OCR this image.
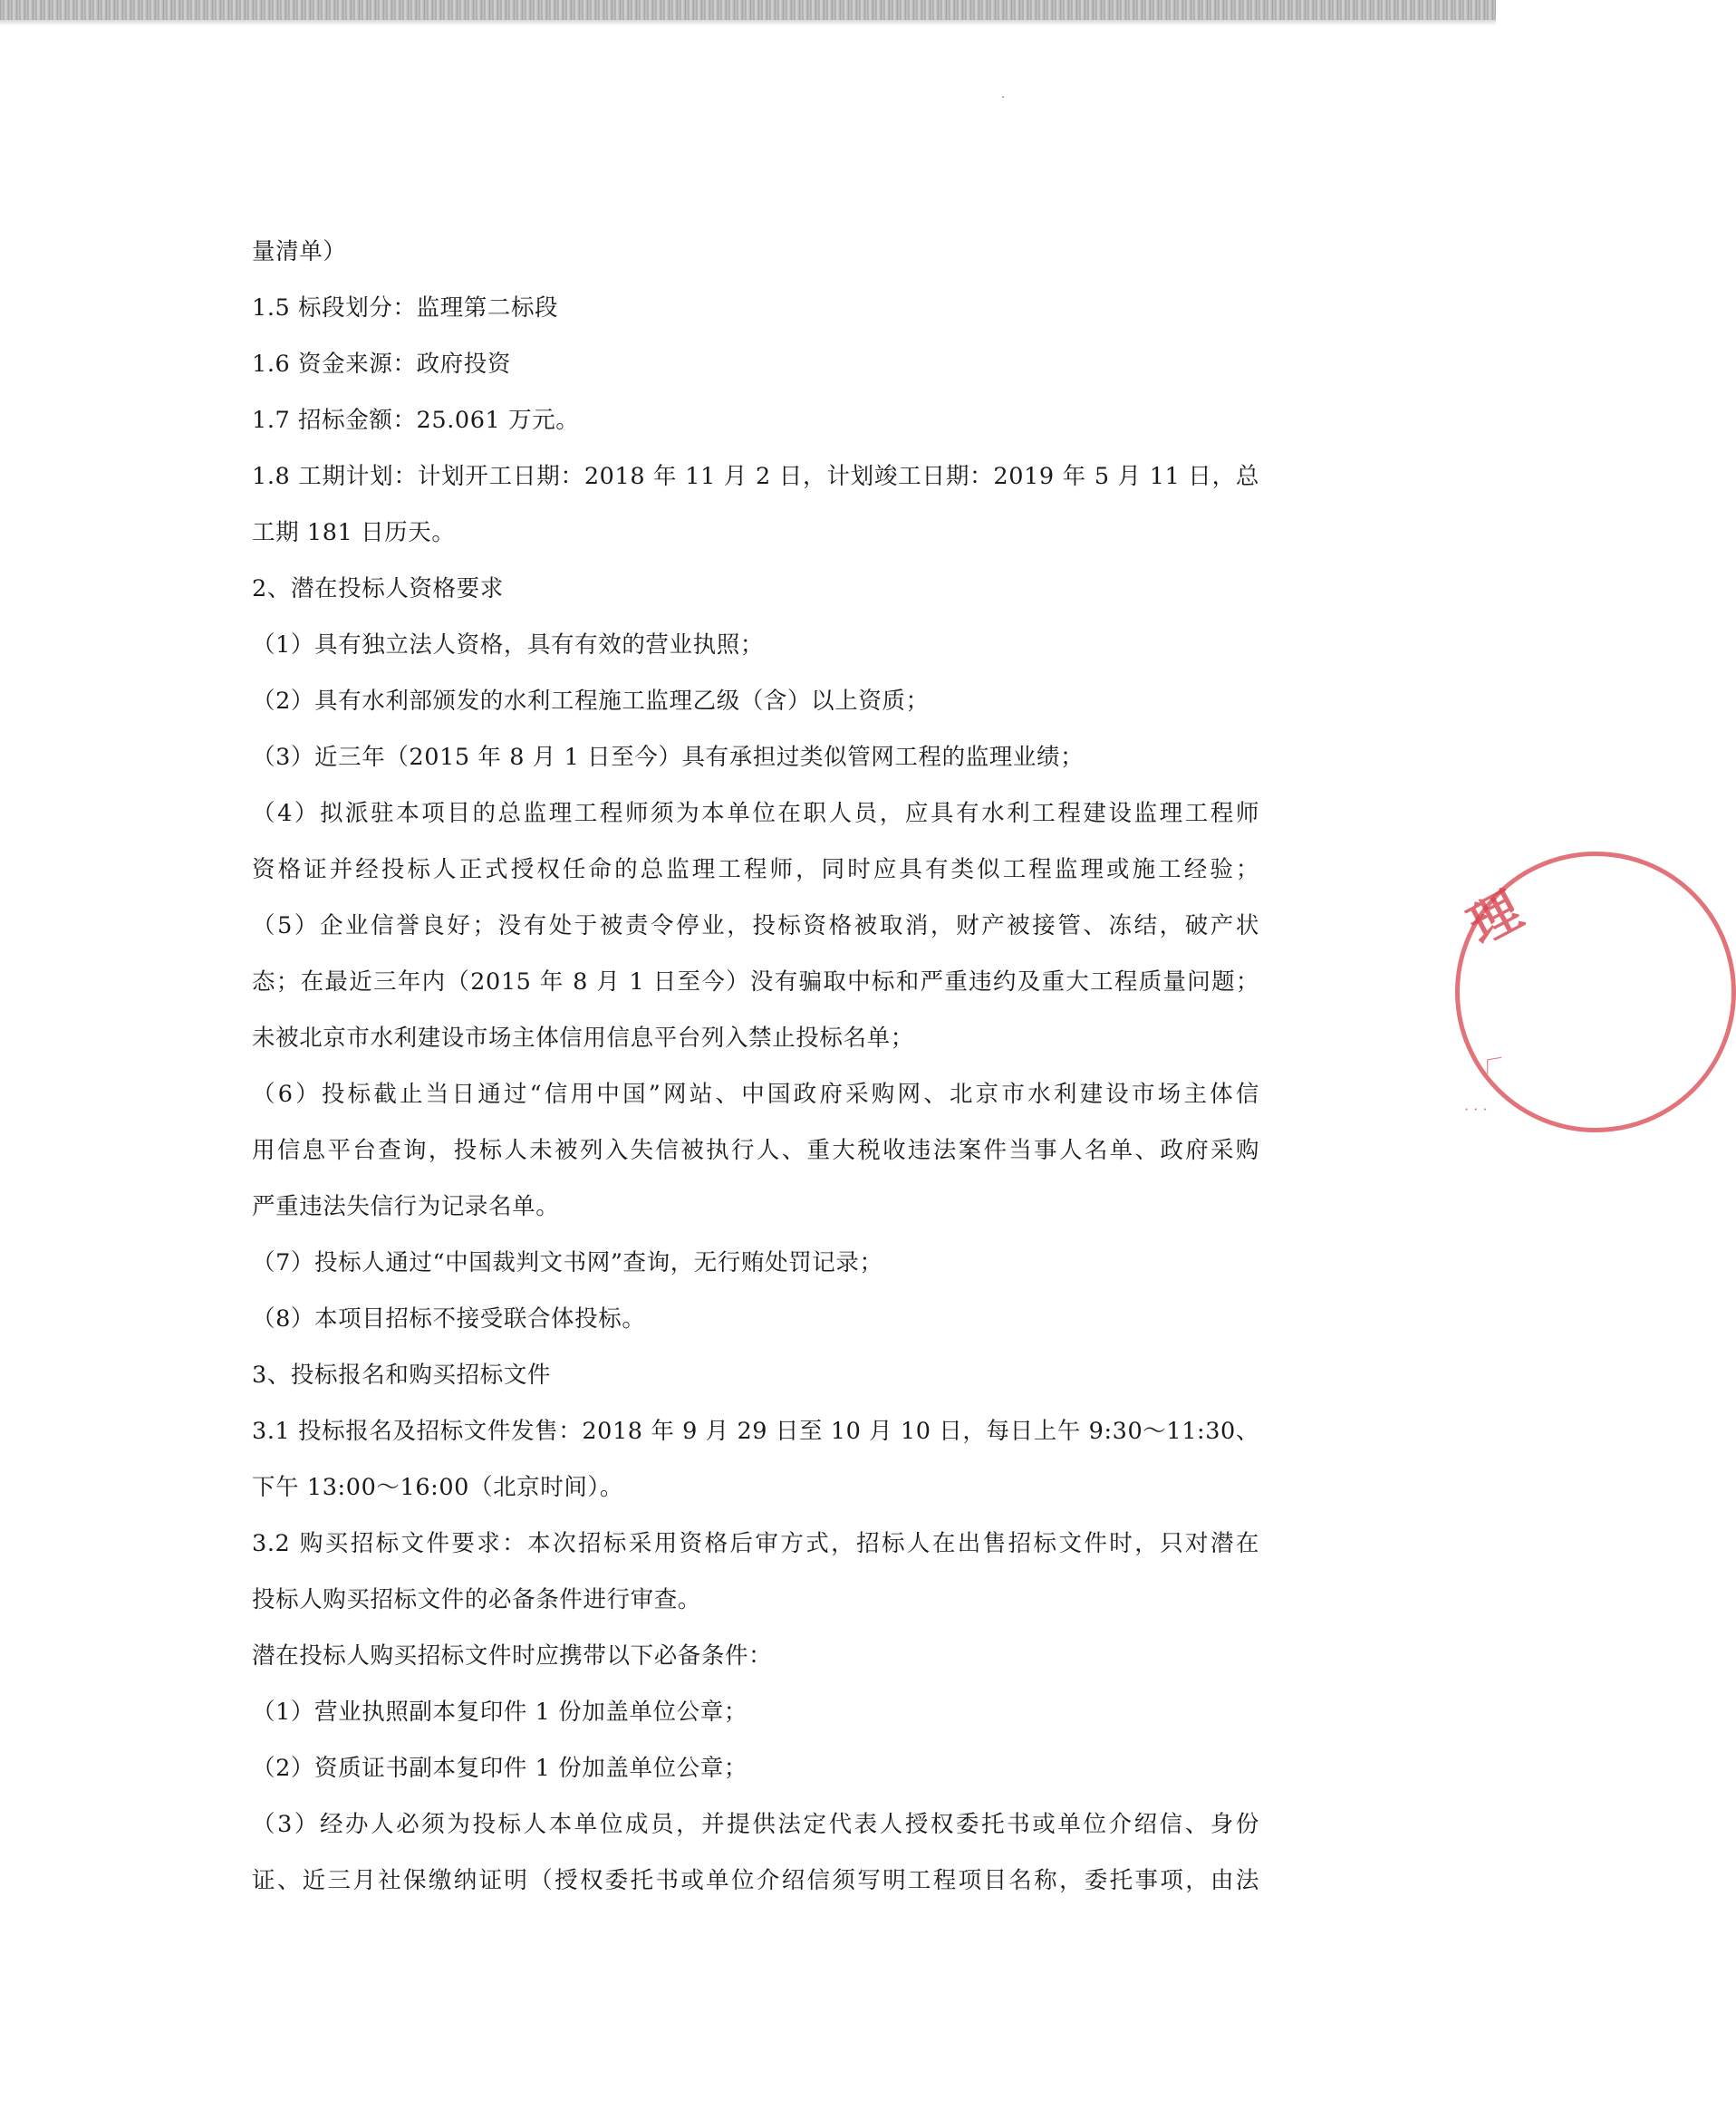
量清单）
1.5 标段划分：监理第二标段
1.6 资金来源：政府投资
1.7 招标金额：25.061 万元。
1.8 工期计划：计划开工日期：2018 年 11 月 2 日，计划竣工日期：2019 年 5 月 11 日，总
工期 181 日历天。
2、潜在投标人资格要求
（1）具有独立法人资格，具有有效的营业执照；
（2）具有水利部颁发的水利工程施工监理乙级（含）以上资质；
（3）近三年（2015 年 8 月 1 日至今）具有承担过类似管网工程的监理业绩；
（4）拟派驻本项目的总监理工程师须为本单位在职人员，应具有水利工程建设监理工程师
资格证并经投标人正式授权任命的总监理工程师，同时应具有类似工程监理或施工经验；
（5）企业信誉良好；没有处于被责令停业，投标资格被取消，财产被接管、冻结，破产状
态；在最近三年内（2015 年 8 月 1 日至今）没有骗取中标和严重违约及重大工程质量问题；
未被北京市水利建设市场主体信用信息平台列入禁止投标名单；
（6）投标截止当日通过“信用中国”网站、中国政府采购网、北京市水利建设市场主体信
用信息平台查询，投标人未被列入失信被执行人、重大税收违法案件当事人名单、政府采购
严重违法失信行为记录名单。
（7）投标人通过“中国裁判文书网”查询，无行贿处罚记录；
（8）本项目招标不接受联合体投标。
3、投标报名和购买招标文件
3.1 投标报名及招标文件发售：2018 年 9 月 29 日至 10 月 10 日，每日上午 9:30～11:30、
下午 13:00～16:00（北京时间）。
3.2 购买招标文件要求：本次招标采用资格后审方式，招标人在出售招标文件时，只对潜在
投标人购买招标文件的必备条件进行审查。
潜在投标人购买招标文件时应携带以下必备条件：
（1）营业执照副本复印件 1 份加盖单位公章；
（2）资质证书副本复印件 1 份加盖单位公章；
（3）经办人必须为投标人本单位成员，并提供法定代表人授权委托书或单位介绍信、身份
证、近三月社保缴纳证明（授权委托书或单位介绍信须写明工程项目名称，委托事项，由法
理
〈
· · ·
